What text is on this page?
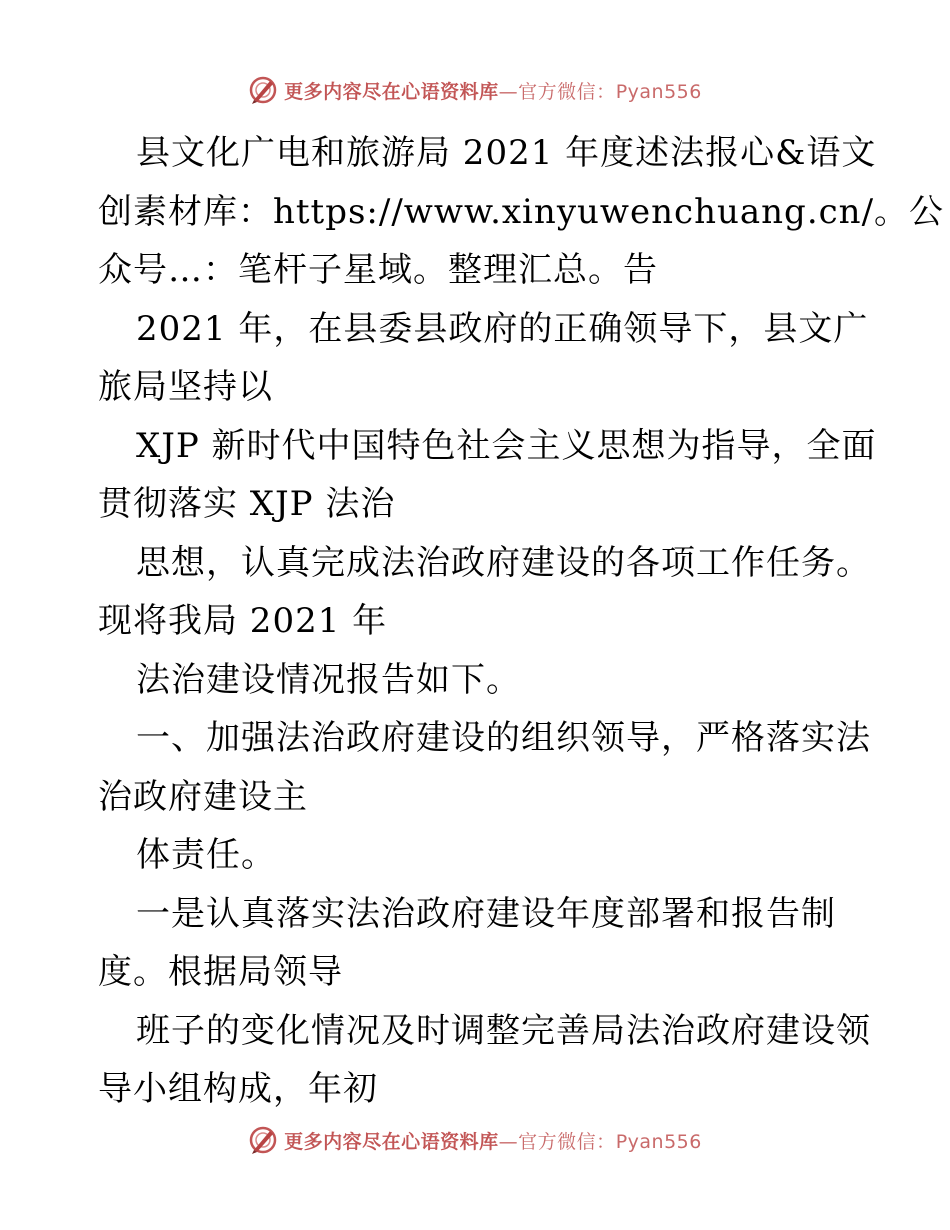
更多内容尽在心语资料库—官方微信：Pyan556
县文化广电和旅游局 2021 年度述法报心&语文
创素材库：https://www.xinyuwenchuang.cn/。公
众号…：笔杆子星域。整理汇总。告
2021 年，在县委县政府的正确领导下，县文广
旅局坚持以
XJP 新时代中国特色社会主义思想为指导，全面
贯彻落实 XJP 法治
思想，认真完成法治政府建设的各项工作任务。
现将我局 2021 年
法治建设情况报告如下。
一、加强法治政府建设的组织领导，严格落实法
治政府建设主
体责任。
一是认真落实法治政府建设年度部署和报告制
度。根据局领导
班子的变化情况及时调整完善局法治政府建设领
导小组构成，年初
更多内容尽在心语资料库—官方微信：Pyan556
